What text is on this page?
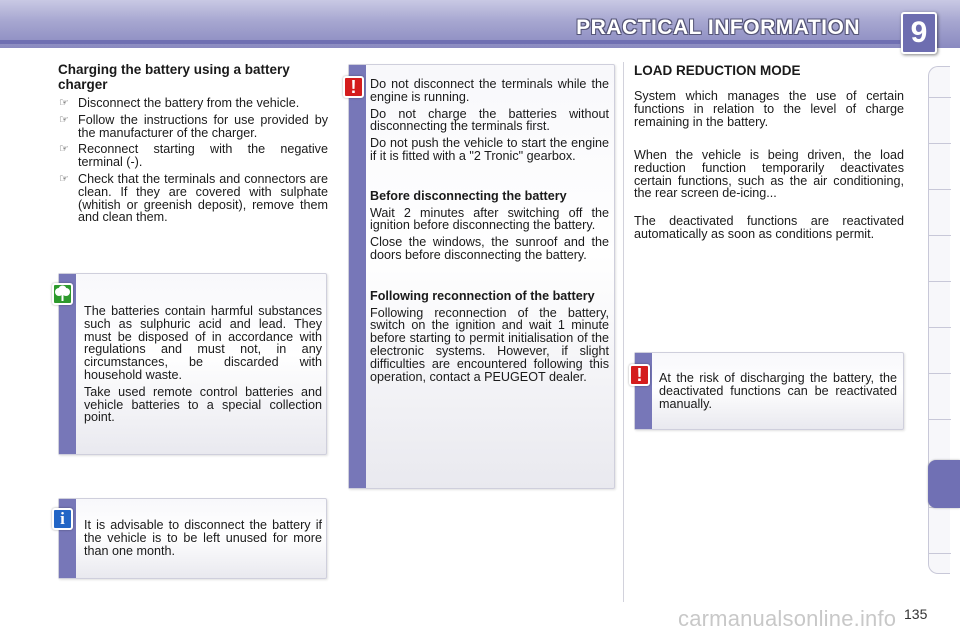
PRACTICAL INFORMATION 9
Charging the battery using a battery charger
☞ Disconnect the battery from the vehicle.
☞ Follow the instructions for use provided by the manufacturer of the charger.
☞ Reconnect starting with the negative terminal (-).
☞ Check that the terminals and connectors are clean. If they are covered with sulphate (whitish or greenish deposit), remove them and clean them.

The batteries contain harmful substances such as sulphuric acid and lead. They must be disposed of in accordance with regulations and must not, in any circumstances, be discarded with household waste.

Take used remote control batteries and vehicle batteries to a special collection point.

It is advisable to disconnect the battery if the vehicle is to be left unused for more than one month.

i

Do not disconnect the terminals while the engine is running.

Do not charge the batteries without disconnecting the terminals first.

Do not push the vehicle to start the engine if it is fitted with a "2 Tronic" gearbox.

Before disconnecting the battery

Wait 2 minutes after switching off the ignition before disconnecting the battery.

Close the windows, the sunroof and the doors before disconnecting the battery.

Following reconnection of the battery

Following reconnection of the battery, switch on the ignition and wait 1 minute before starting to permit initialisation of the electronic systems. However, if slight difficulties are encountered following this operation, contact a PEUGEOT dealer.

!
LOAD REDUCTION MODE
System which manages the use of certain functions in relation to the level of charge remaining in the battery.
When the vehicle is being driven, the load reduction function temporarily deactivates certain functions, such as the air conditioning, the rear screen de-icing...
The deactivated functions are reactivated automatically as soon as conditions permit.

At the risk of discharging the battery, the deactivated functions can be reactivated manually.

!
carmanualsonline.info 135
